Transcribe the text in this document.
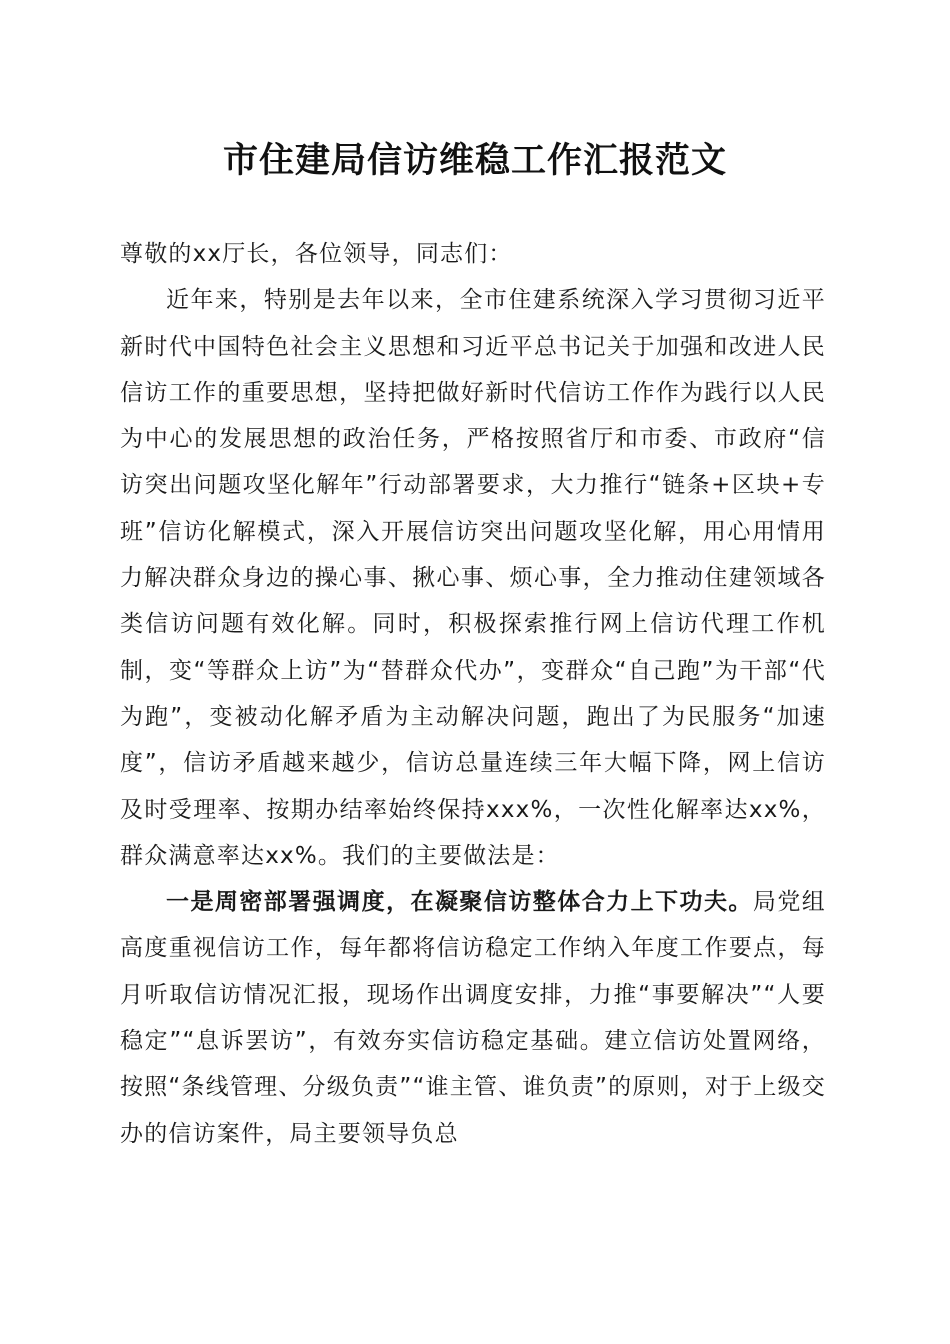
市住建局信访维稳工作汇报范文

尊敬的xx厅长，各位领导，同志们：

近年来，特别是去年以来，全市住建系统深入学习贯彻习近平新时代中国特色社会主义思想和习近平总书记关于加强和改进人民信访工作的重要思想，坚持把做好新时代信访工作作为践行以人民为中心的发展思想的政治任务，严格按照省厅和市委、市政府“信访突出问题攻坚化解年”行动部署要求，大力推行“链条+区块+专班”信访化解模式，深入开展信访突出问题攻坚化解，用心用情用力解决群众身边的操心事、揪心事、烦心事，全力推动住建领域各类信访问题有效化解。同时，积极探索推行网上信访代理工作机制，变“等群众上访”为“替群众代办”，变群众“自己跑”为干部“代为跑”，变被动化解矛盾为主动解决问题，跑出了为民服务“加速度”，信访矛盾越来越少，信访总量连续三年大幅下降，网上信访及时受理率、按期办结率始终保持xxx%，一次性化解率达xx%，群众满意率达xx%。我们的主要做法是：

一是周密部署强调度，在凝聚信访整体合力上下功夫。局党组高度重视信访工作，每年都将信访稳定工作纳入年度工作要点，每月听取信访情况汇报，现场作出调度安排，力推“事要解决”“人要稳定”“息诉罢访”，有效夯实信访稳定基础。建立信访处置网络，按照“条线管理、分级负责”“谁主管、谁负责”的原则，对于上级交办的信访案件，局主要领导负总
